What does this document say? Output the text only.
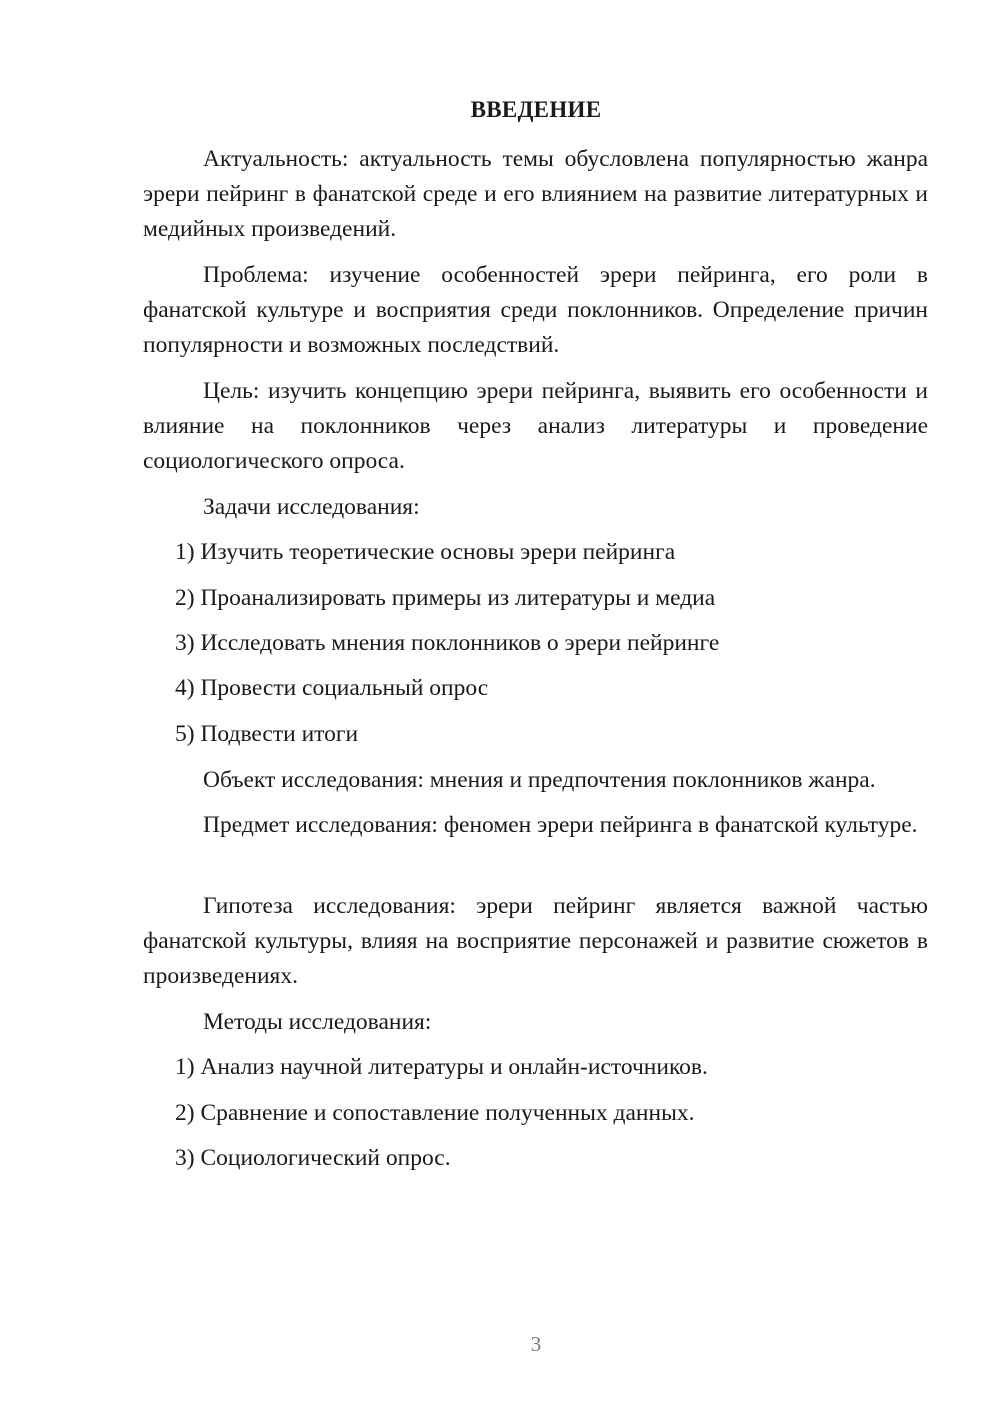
ВВЕДЕНИЕ

Актуальность: актуальность темы обусловлена популярностью жанра эрери пейринг в фанатской среде и его влиянием на развитие литературных и медийных произведений.

Проблема: изучение особенностей эрери пейринга, его роли в фанатской культуре и восприятия среди поклонников. Определение причин популярности и возможных последствий.

Цель: изучить концепцию эрери пейринга, выявить его особенности и влияние на поклонников через анализ литературы и проведение социологического опроса.

Задачи исследования:
1) Изучить теоретические основы эрери пейринга
2) Проанализировать примеры из литературы и медиа
3) Исследовать мнения поклонников о эрери пейринге
4) Провести социальный опрос
5) Подвести итоги
Объект исследования: мнения и предпочтения поклонников жанра.

Предмет исследования: феномен эрери пейринга в фанатской культуре.

Гипотеза исследования: эрери пейринг является важной частью фанатской культуры, влияя на восприятие персонажей и развитие сюжетов в произведениях.

Методы исследования:
1) Анализ научной литературы и онлайн-источников.
2) Сравнение и сопоставление полученных данных.
3) Социологический опрос.
3
